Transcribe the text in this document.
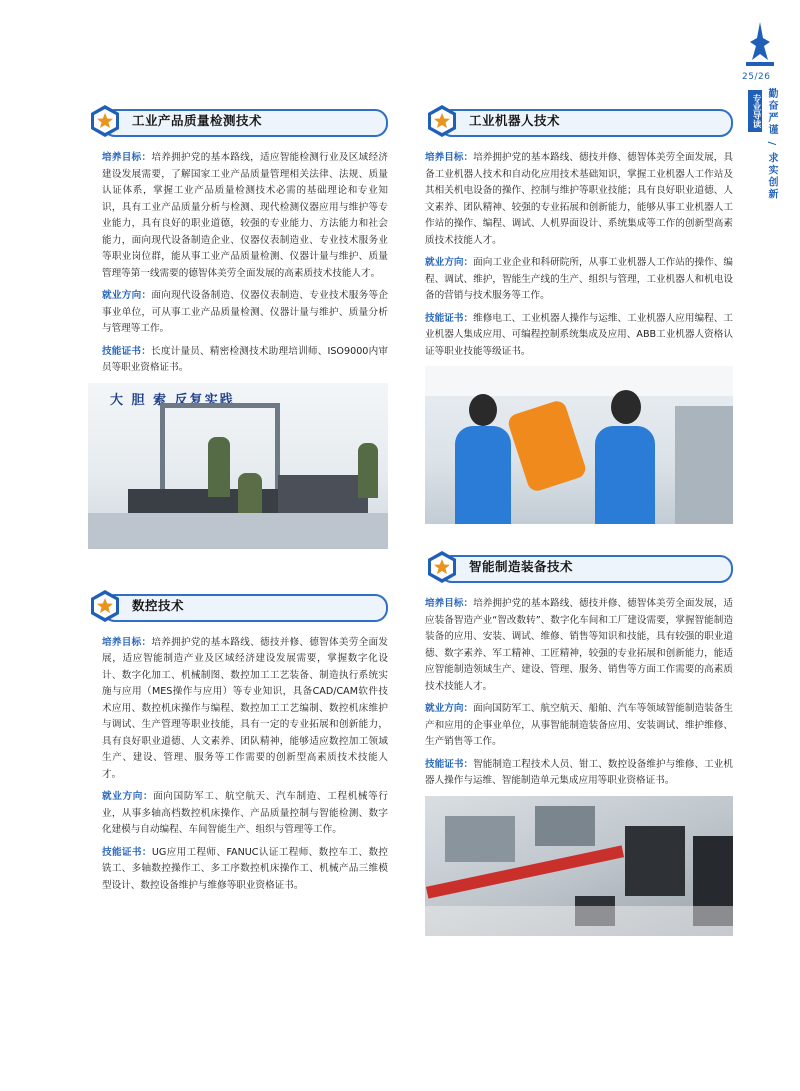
25/26
专业导读 勤奋严谨 / 求实创新
工业产品质量检测技术

培养目标：培养拥护党的基本路线，适应智能检测行业及区域经济建设发展需要，了解国家工业产品质量管理相关法律、法规、质量认证体系，掌握工业产品质量检测技术必需的基础理论和专业知识，具有工业产品质量分析与检测、现代检测仪器应用与维护等专业能力，具有良好的职业道德，较强的专业能力、方法能力和社会能力，面向现代设备制造企业、仪器仪表制造业、专业技术服务业等职业岗位群，能从事工业产品质量检测、仪器计量与维护、质量管理等第一线需要的德智体美劳全面发展的高素质技术技能人才。

就业方向：面向现代设备制造、仪器仪表制造、专业技术服务等企事业单位，可从事工业产品质量检测、仪器计量与维护、质量分析与管理等工作。

技能证书：长度计量员、精密检测技术助理培训师、ISO9000内审员等职业资格证书。

大 胆 索 反复实践
数控技术

培养目标：培养拥护党的基本路线、德技并修、德智体美劳全面发展，适应智能制造产业及区域经济建设发展需要，掌握数字化设计、数字化加工、机械制图、数控加工工艺装备、制造执行系统实施与应用（MES操作与应用）等专业知识，具备CAD/CAM软件技术应用、数控机床操作与编程、数控加工工艺编制、数控机床维护与调试、生产管理等职业技能，具有一定的专业拓展和创新能力，具有良好职业道德、人文素养、团队精神，能够适应数控加工领域生产、建设、管理、服务等工作需要的创新型高素质技术技能人才。

就业方向：面向国防军工、航空航天、汽车制造、工程机械等行业，从事多轴高档数控机床操作、产品质量控制与智能检测、数字化建模与自动编程、车间智能生产、组织与管理等工作。

技能证书：UG应用工程师、FANUC认证工程师、数控车工、数控铣工、多轴数控操作工、多工序数控机床操作工、机械产品三维模型设计、数控设备维护与维修等职业资格证书。

工业机器人技术

培养目标：培养拥护党的基本路线、德技并修、德智体美劳全面发展，具备工业机器人技术和自动化应用技术基础知识，掌握工业机器人工作站及其相关机电设备的操作、控制与维护等职业技能；具有良好职业道德、人文素养、团队精神、较强的专业拓展和创新能力，能够从事工业机器人工作站的操作、编程、调试、人机界面设计、系统集成等工作的创新型高素质技术技能人才。

就业方向：面向工业企业和科研院所，从事工业机器人工作站的操作、编程、调试、维护，智能生产线的生产、组织与管理，工业机器人和机电设备的营销与技术服务等工作。

技能证书：维修电工、工业机器人操作与运维、工业机器人应用编程、工业机器人集成应用、可编程控制系统集成及应用、ABB工业机器人资格认证等职业技能等级证书。

智能制造装备技术

培养目标：培养拥护党的基本路线、德技并修、德智体美劳全面发展，适应装备智造产业“智改数转”、数字化车间和工厂建设需要，掌握智能制造装备的应用、安装、调试、维修、销售等知识和技能，具有较强的职业道德、数字素养、军工精神、工匠精神，较强的专业拓展和创新能力，能适应智能制造领域生产、建设、管理、服务、销售等方面工作需要的高素质技术技能人才。

就业方向：面向国防军工、航空航天、船舶、汽车等领域智能制造装备生产和应用的企事业单位，从事智能制造装备应用、安装调试、维护维修、生产销售等工作。

技能证书：智能制造工程技术人员、钳工、数控设备维护与维修、工业机器人操作与运维、智能制造单元集成应用等职业资格证书。
